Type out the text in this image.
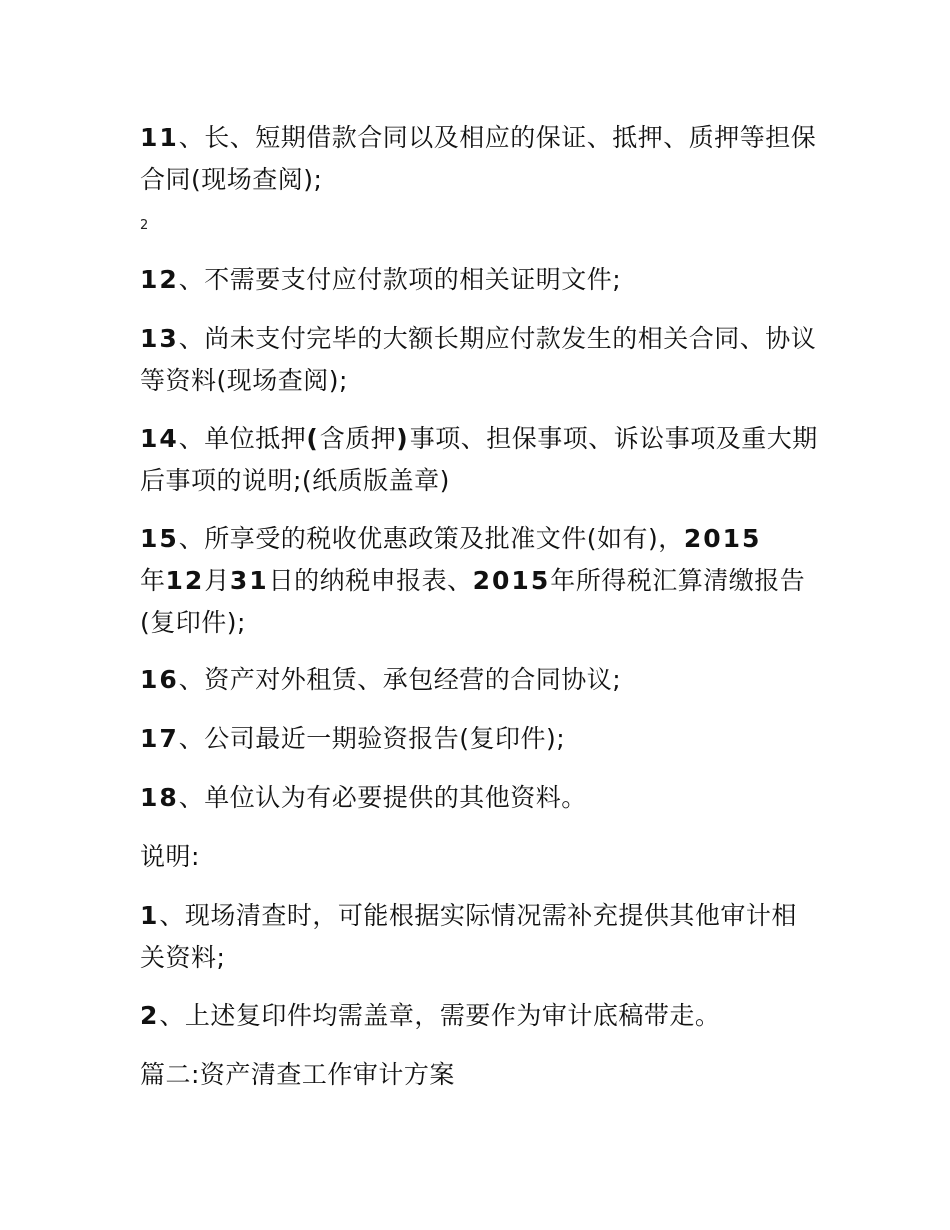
11、长、短期借款合同以及相应的保证、抵押、质押等担保合同(现场查阅);

2

12、不需要支付应付款项的相关证明文件;

13、尚未支付完毕的大额长期应付款发生的相关合同、协议等资料(现场查阅);

14、单位抵押(含质押)事项、担保事项、诉讼事项及重大期后事项的说明;(纸质版盖章)

15、所享受的税收优惠政策及批准文件(如有)，2015
年12月31日的纳税申报表、2015年所得税汇算清缴报告(复印件);

16、资产对外租赁、承包经营的合同协议;

17、公司最近一期验资报告(复印件);

18、单位认为有必要提供的其他资料。

说明:

1、现场清查时，可能根据实际情况需补充提供其他审计相关资料;

2、上述复印件均需盖章，需要作为审计底稿带走。

篇二:资产清查工作审计方案
